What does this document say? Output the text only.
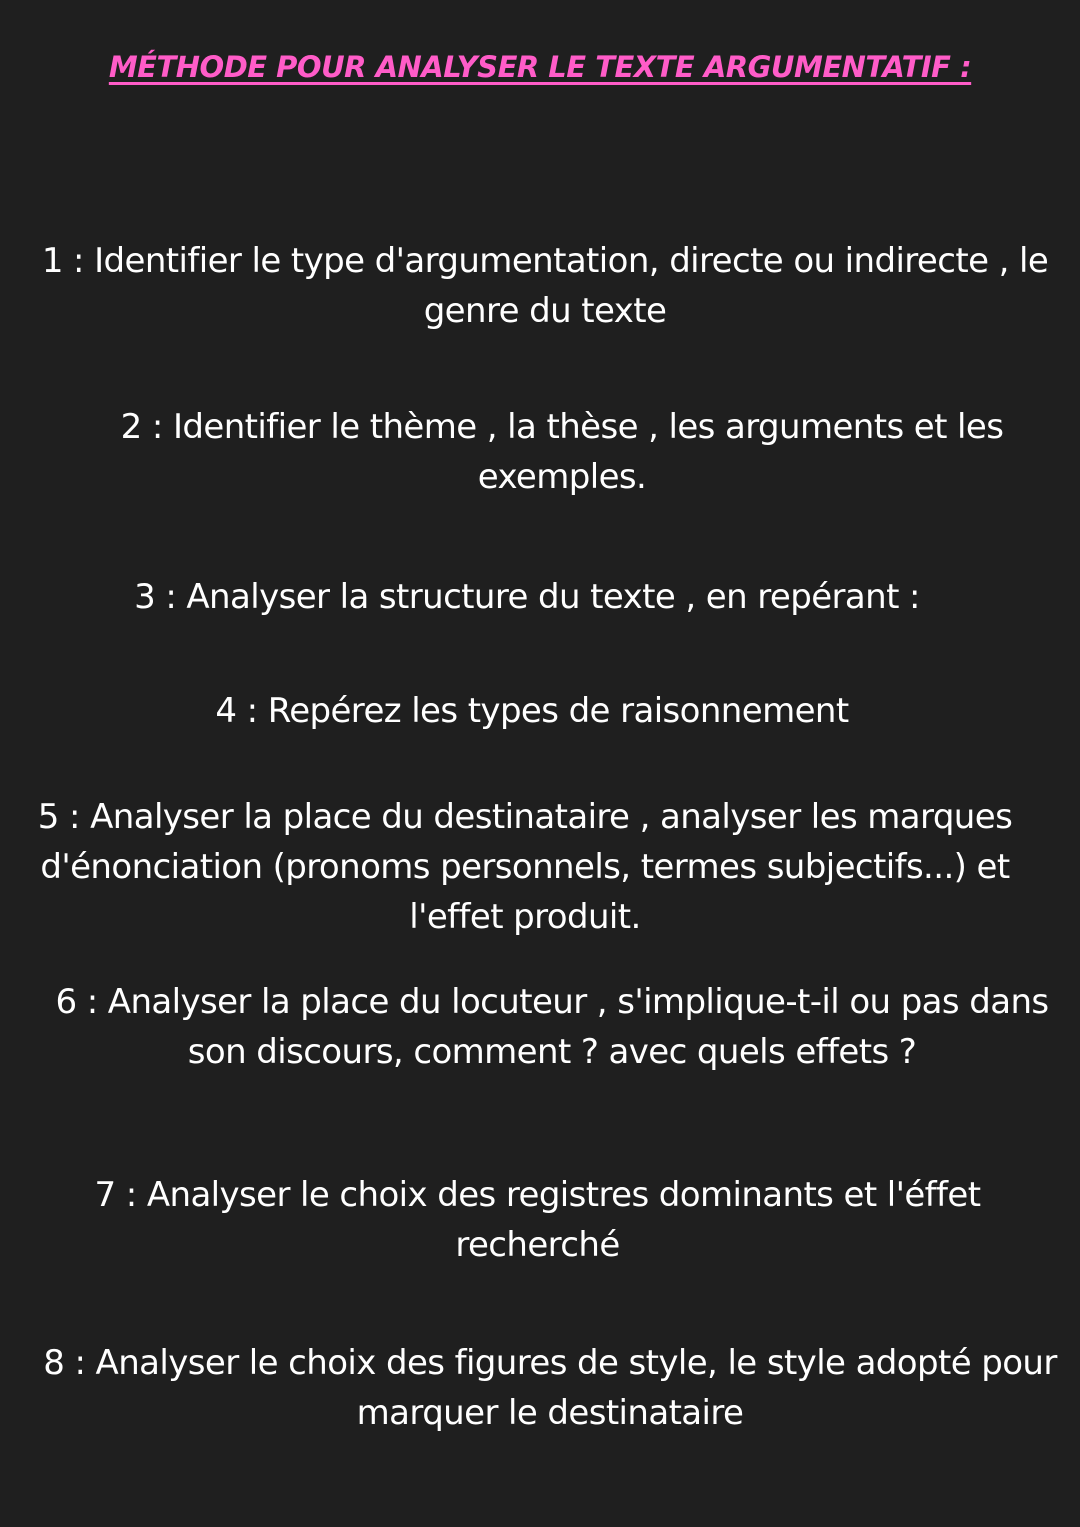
MÉTHODE POUR ANALYSER LE TEXTE ARGUMENTATIF :
1 : Identifier le type d'argumentation, directe ou indirecte , le
genre du texte
2 : Identifier le thème , la thèse , les arguments et les
exemples.
3 : Analyser la structure du texte , en repérant :
4 : Repérez les types de raisonnement
5 : Analyser la place du destinataire , analyser les marques
d'énonciation (pronoms personnels, termes subjectifs...) et
l'effet produit.
6 : Analyser la place du locuteur , s'implique-t-il ou pas dans
son discours, comment ? avec quels effets ?
7 : Analyser le choix des registres dominants et l'éffet
recherché
8 : Analyser le choix des figures de style, le style adopté pour
marquer le destinataire
